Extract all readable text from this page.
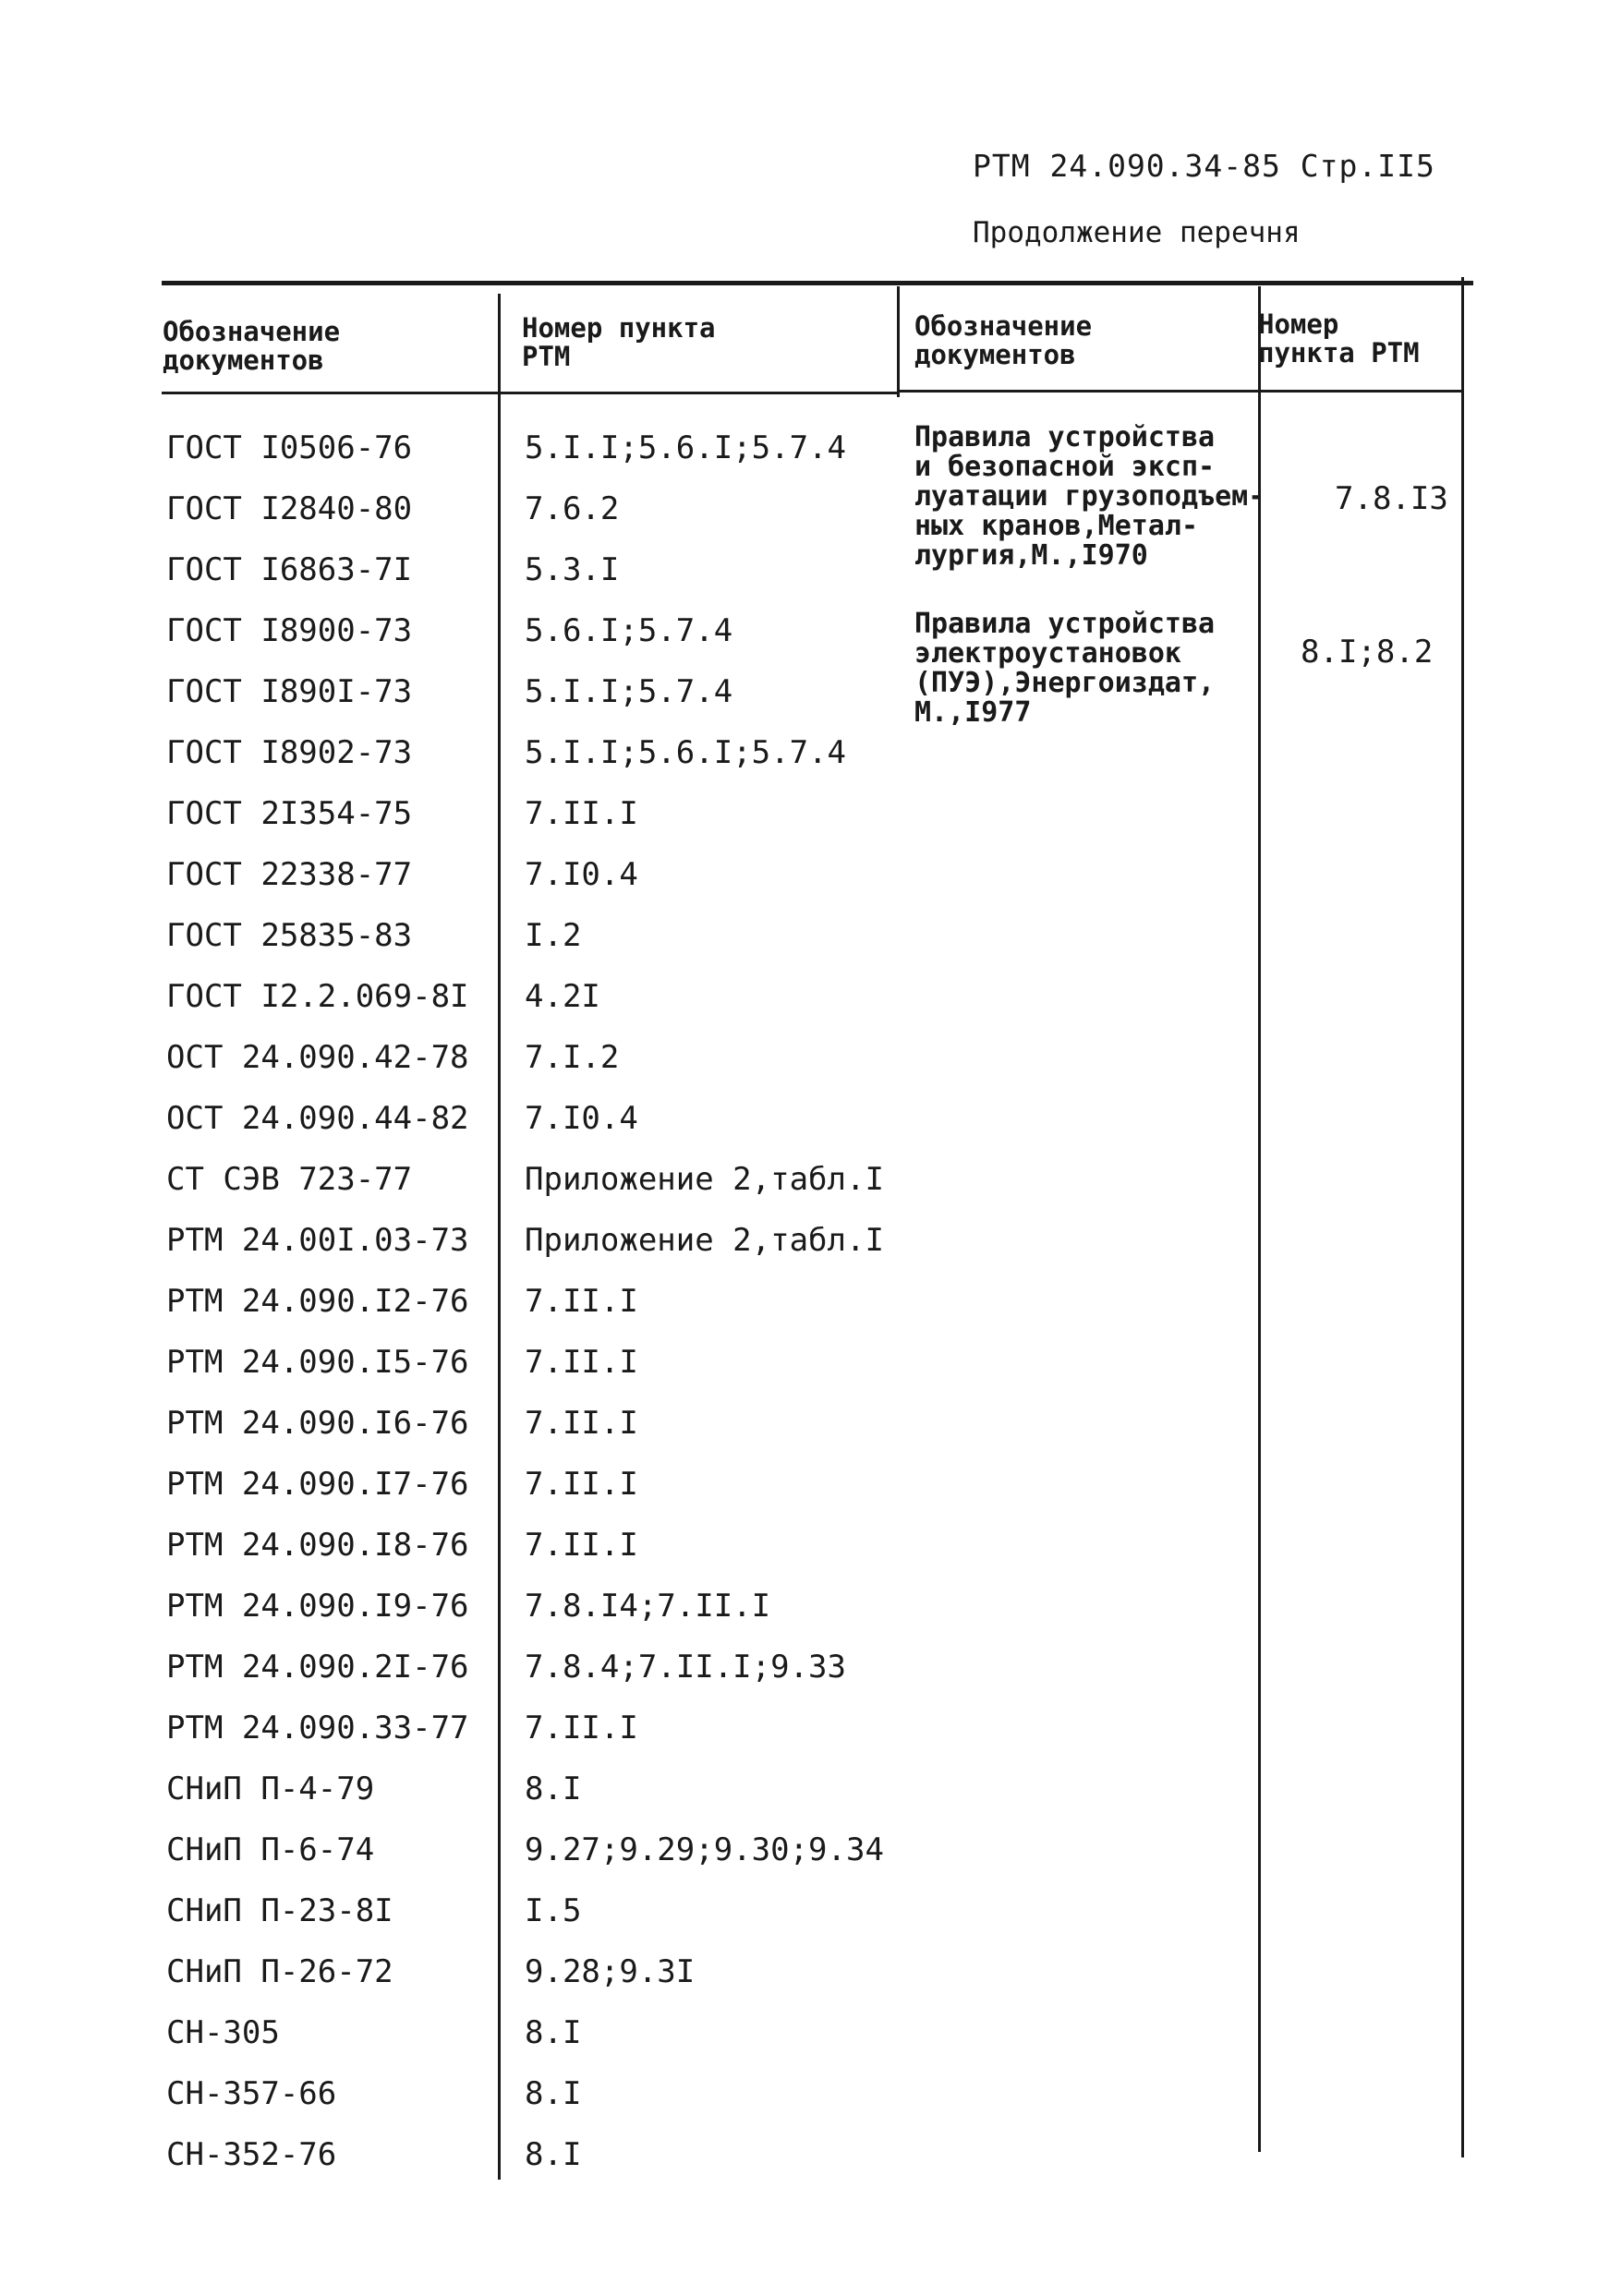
РТМ 24.090.34-85 Стр.II5
Продолжение перечня
Обозначение
документов
Номер пункта
РТМ
Обозначение
документов
Номер
пункта РТМ
ГОСТ I0506-76
ГОСТ I2840-80
ГОСТ I6863-7I
ГОСТ I8900-73
ГОСТ I890I-73
ГОСТ I8902-73
ГОСТ 2I354-75
ГОСТ 22338-77
ГОСТ 25835-83
ГОСТ I2.2.069-8I
ОСТ 24.090.42-78
ОСТ 24.090.44-82
СТ СЭВ 723-77
РТМ 24.00I.03-73
РТМ 24.090.I2-76
РТМ 24.090.I5-76
РТМ 24.090.I6-76
РТМ 24.090.I7-76
РТМ 24.090.I8-76
РТМ 24.090.I9-76
РТМ 24.090.2I-76
РТМ 24.090.33-77
СНиП П-4-79
СНиП П-6-74
СНиП П-23-8I
СНиП П-26-72
СН-305
СН-357-66
СН-352-76
5.I.I;5.6.I;5.7.4
7.6.2
5.3.I
5.6.I;5.7.4
5.I.I;5.7.4
5.I.I;5.6.I;5.7.4
7.II.I
7.I0.4
I.2
4.2I
7.I.2
7.I0.4
Приложение 2,табл.I
Приложение 2,табл.I
7.II.I
7.II.I
7.II.I
7.II.I
7.II.I
7.8.I4;7.II.I
7.8.4;7.II.I;9.33
7.II.I
8.I
9.27;9.29;9.30;9.34
I.5
9.28;9.3I
8.I
8.I
8.I
Правила устройства
и безопасной эксп-
луатации грузоподъем-
ных кранов,Метал-
лургия,М.,I970
7.8.I3
Правила устройства
электроустановок
(ПУЭ),Энергоиздат,
М.,I977
8.I;8.2
